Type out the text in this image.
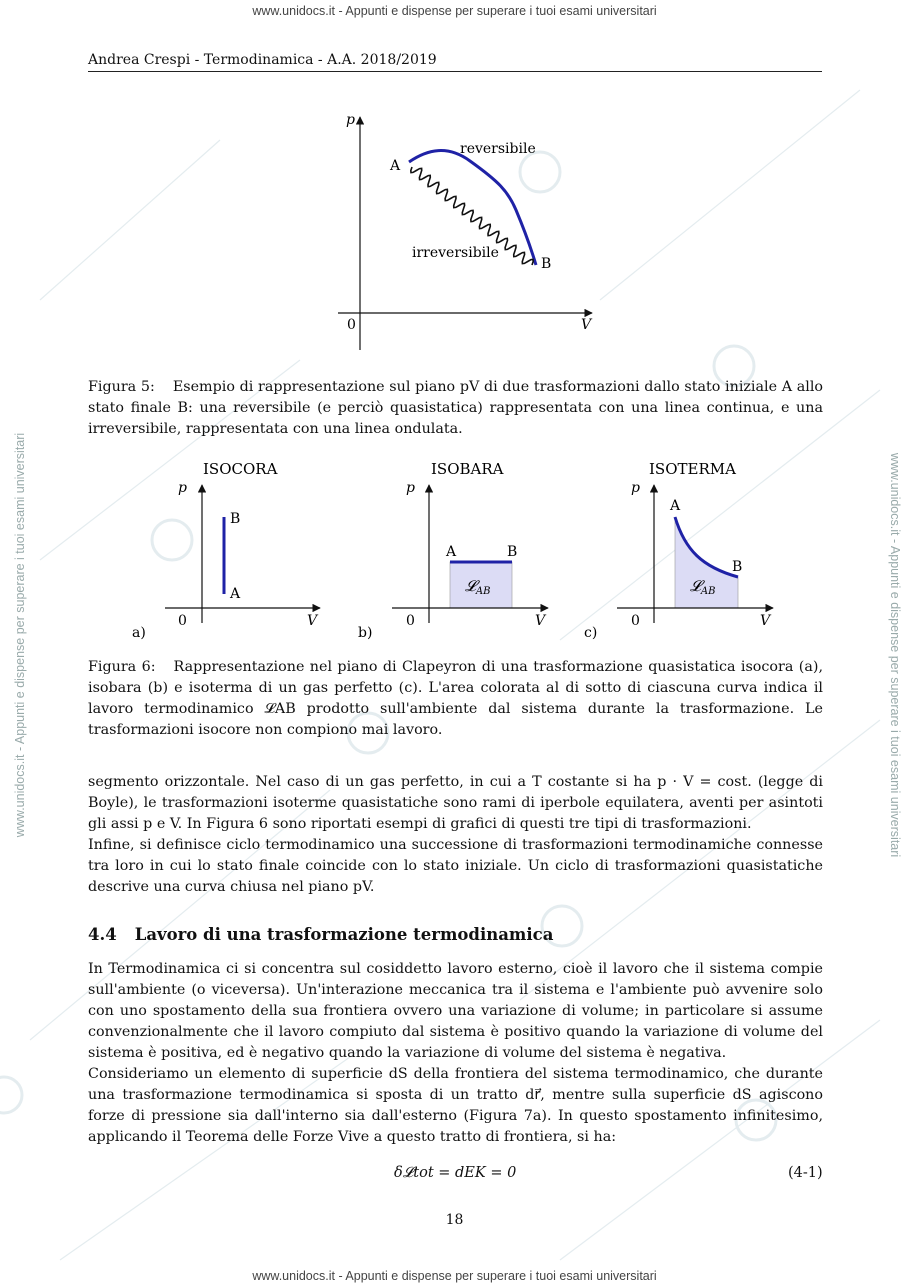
www.unidocs.it - Appunti e dispense per superare i tuoi esami universitari
www.unidocs.it - Appunti e dispense per superare i tuoi esami universitari	www.unidocs.it - Appunti e dispense per superare i tuoi esami universitari
Andrea Crespi - Termodinamica - A.A. 2018/2019
p
V
0
A
B
reversibile
irreversibile
Figura 5: Esempio di rappresentazione sul piano pV di due trasformazioni dallo stato iniziale A allo stato finale B: una reversibile (e perciò quasistatica) rappresentata con una linea continua, e una irreversibile, rappresentata con una linea ondulata.
ISOCORA
p
V
0
B
A
a)
ISOBARA
p
V
0
A	B
𝓛$_{AB}$
b)
ISOTERMA
p
V
0
A
B
𝓛$_{AB}$
c)
Figura 6: Rappresentazione nel piano di Clapeyron di una trasformazione quasistatica isocora (a), isobara (b) e isoterma di un gas perfetto (c). L'area colorata al di sotto di ciascuna curva indica il lavoro termodinamico 𝓛AB prodotto sull'ambiente dal sistema durante la trasformazione. Le trasformazioni isocore non compiono mai lavoro.

segmento orizzontale. Nel caso di un gas perfetto, in cui a T costante si ha p · V = cost. (legge di Boyle), le trasformazioni isoterme quasistatiche sono rami di iperbole equilatera, aventi per asintoti gli assi p e V. In Figura 6 sono riportati esempi di grafici di questi tre tipi di trasformazioni.

Infine, si definisce ciclo termodinamico una successione di trasformazioni termodinamiche connesse tra loro in cui lo stato finale coincide con lo stato iniziale. Un ciclo di trasformazioni quasistatiche descrive una curva chiusa nel piano pV.

4.4 Lavoro di una trasformazione termodinamica

In Termodinamica ci si concentra sul cosiddetto lavoro esterno, cioè il lavoro che il sistema compie sull'ambiente (o viceversa). Un'interazione meccanica tra il sistema e l'ambiente può avvenire solo con uno spostamento della sua frontiera ovvero una variazione di volume; in particolare si assume convenzionalmente che il lavoro compiuto dal sistema è positivo quando la variazione di volume del sistema è positiva, ed è negativo quando la variazione di volume del sistema è negativa.

Consideriamo un elemento di superficie dS della frontiera del sistema termodinamico, che durante una trasformazione termodinamica si sposta di un tratto dr⃗, mentre sulla superficie dS agiscono forze di pressione sia dall'interno sia dall'esterno (Figura 7a). In questo spostamento infinitesimo, applicando il Teorema delle Forze Vive a questo tratto di frontiera, si ha:

δ𝓛tot = dEK = 0	(4-1)
18
www.unidocs.it - Appunti e dispense per superare i tuoi esami universitari
